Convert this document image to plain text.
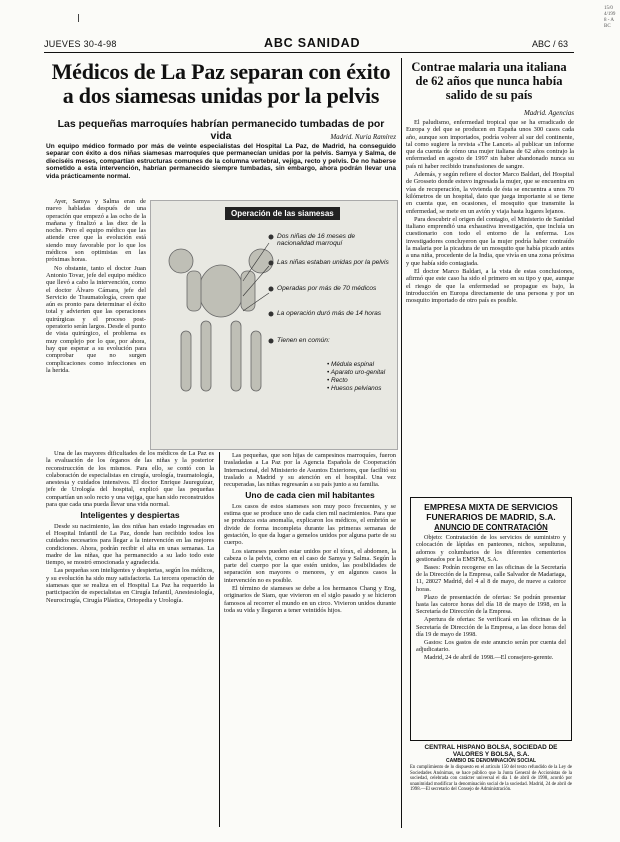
JUEVES 30-4-98	ABC SANIDAD	ABC / 63
15/04/1998 - ABC
Médicos de La Paz separan con éxito a dos siamesas unidas por la pelvis
Las pequeñas marroquíes habrían permanecido tumbadas de por vida	Madrid. Nuria Ramírez
Un equipo médico formado por más de veinte especialistas del Hospital La Paz, de Madrid, ha conseguido separar con éxito a dos niñas siamesas marroquíes que permanecían unidas por la pelvis. Samya y Salma, de dieciséis meses, compartían estructuras comunes de la columna vertebral, vejiga, recto y pelvis. De no haberse sometido a esta intervención, habrían permanecido siempre tumbadas, sin embargo, ahora podrán llevar una vida prácticamente normal.

Ayer, Samya y Salma eran de nuevo habladas después de una operación que empezó a las ocho de la mañana y finalizó a las diez de la noche. Pero el equipo médico que las atiende cree que la evolución está siendo muy favorable por lo que los médicos son optimistas en las próximas horas.

No obstante, tanto el doctor Juan Antonio Tovar, jefe del equipo médico que llevó a cabo la intervención, como el doctor Álvaro Cámara, jefe del Servicio de Traumatología, creen que aún es pronto para determinar el éxito total y advierten que las operaciones quirúrgicas y el proceso post-operatorio serán largos. Desde el punto de vista quirúrgico, el problema es muy complejo por lo que, por ahora, hay que esperar a su evolución para comprobar que no surgen complicaciones como infecciones en la herida.

Una de las mayores dificultades de los médicos de La Paz es la evaluación de los órganos de las niñas y la posterior reconstrucción de los mismos. Para ello, se contó con la colaboración de especialistas en cirugía, urología, traumatología, anestesia y cuidados intensivos. El doctor Enrique Jaureguízar, jefe de Urología del hospital, explicó que las pequeñas compartían un solo recto y una vejiga, que han sido reconstruidos para que cada una pueda llevar una vida normal.

Inteligentes y despiertas

Desde su nacimiento, las dos niñas han estado ingresadas en el Hospital Infantil de La Paz, donde han recibido todos los cuidados necesarios para llegar a la intervención en las mejores condiciones. Ahora, podrán recibir el alta en unas semanas. La madre de las niñas, que ha permanecido a su lado todo este tiempo, se mostró emocionada y agradecida.

Las pequeñas son inteligentes y despiertas, según los médicos, y su evolución ha sido muy satisfactoria. La tercera operación de siamesas que se realiza en el Hospital La Paz ha requerido la participación de especialistas en Cirugía Infantil, Anestesiología, Neurocirugía, Cirugía Plástica, Ortopedia y Urología.

Las pequeñas, que son hijas de campesinos marroquíes, fueron trasladadas a La Paz por la Agencia Española de Cooperación Internacional, del Ministerio de Asuntos Exteriores, que facilitó su traslado a Madrid y su atención en el hospital. Una vez recuperadas, las niñas regresarán a su país junto a su familia.

Uno de cada cien mil habitantes

Los casos de estos siameses son muy poco frecuentes, y se estima que se produce uno de cada cien mil nacimientos. Para que se produzca esta anomalía, explicaron los médicos, el embrión se divide de forma incompleta durante las primeras semanas de gestación, lo que da lugar a gemelos unidos por alguna parte de su cuerpo.

Los siameses pueden estar unidos por el tórax, el abdomen, la cabeza o la pelvis, como en el caso de Samya y Salma. Según la parte del cuerpo por la que estén unidos, las posibilidades de separación son mayores o menores, y en algunos casos la intervención no es posible.

El término de siameses se debe a los hermanos Chang y Eng, originarios de Siam, que vivieron en el siglo pasado y se hicieron famosos al recorrer el mundo en un circo. Vivieron unidos durante toda su vida y llegaron a tener veintidós hijos.

Operación de las siamesas
Dos niñas de 16 meses de nacionalidad marroquí
Las niñas estaban unidas por la pelvis
Operadas por más de 70 médicos
La operación duró más de 14 horas
Tienen en común:
• Médula espinal
• Aparato uro-genital
• Recto
• Huesos pelvianos
Contrae malaria una italiana de 62 años que nunca había salido de su país
Madrid. Agencias

El paludismo, enfermedad tropical que se ha erradicado de Europa y del que se producen en España unos 300 casos cada año, aunque son importados, podría volver al sur del continente, tal como sugiere la revista «The Lancet» al publicar un informe que da cuenta de cómo una mujer italiana de 62 años contrajo la enfermedad en agosto de 1997 sin haber abandonado nunca su país ni haber recibido transfusiones de sangre.

Además, y según refiere el doctor Marco Baldari, del Hospital de Grosseto donde estuvo ingresada la mujer, que se encuentra en vías de recuperación, la vivienda de ésta se encuentra a unos 70 kilómetros de un hospital, dato que juega importante si se tiene en cuenta que, en ocasiones, el mosquito que transmite la enfermedad, se mete en un avión y viaja hasta lugares lejanos.

Para descubrir el origen del contagio, el Ministerio de Sanidad italiano emprendió una exhaustiva investigación, que incluía un cuestionario con todo el entorno de la enferma. Los investigadores concluyeron que la mujer podría haber contraído la malaria por la picadura de un mosquito que había picado antes a una niña, procedente de la India, que vivía en una zona próxima y que había sido contagiada.

El doctor Marco Baldari, a la vista de estas conclusiones, afirmó que este caso ha sido el primero en su tipo y que, aunque el riesgo de que la enfermedad se propague es bajo, la introducción en Europa directamente de una persona y por un mosquito importado de otro país es posible.

EMPRESA MIXTA DE SERVICIOS FUNERARIOS DE MADRID, S.A.
ANUNCIO DE CONTRATACIÓN

Objeto: Contratación de los servicios de suministro y colocación de lápidas en panteones, nichos, sepulturas, adornos y columbarios de los diferentes cementerios gestionados por la EMSFM, S.A.

Bases: Podrán recogerse en las oficinas de la Secretaría de la Dirección de la Empresa, calle Salvador de Madariaga, 11, 28027 Madrid, del 4 al 8 de mayo, de nueve a catorce horas.

Plazo de presentación de ofertas: Se podrán presentar hasta las catorce horas del día 18 de mayo de 1998, en la Secretaría de Dirección de la Empresa.

Apertura de ofertas: Se verificará en las oficinas de la Secretaría de Dirección de la Empresa, a las doce horas del día 19 de mayo de 1998.

Gastos: Los gastos de este anuncio serán por cuenta del adjudicatario.

Madrid, 24 de abril de 1998.—El consejero-gerente.

CENTRAL HISPANO BOLSA, SOCIEDAD DE VALORES Y BOLSA, S.A.
CAMBIO DE DENOMINACIÓN SOCIAL
En cumplimiento de lo dispuesto en el artículo 150 del texto refundido de la Ley de Sociedades Anónimas, se hace público que la Junta General de Accionistas de la sociedad, celebrada con carácter universal el día 1 de abril de 1998, acordó por unanimidad modificar la denominación social de la sociedad. Madrid, 24 de abril de 1998.—El secretario del Consejo de Administración.
